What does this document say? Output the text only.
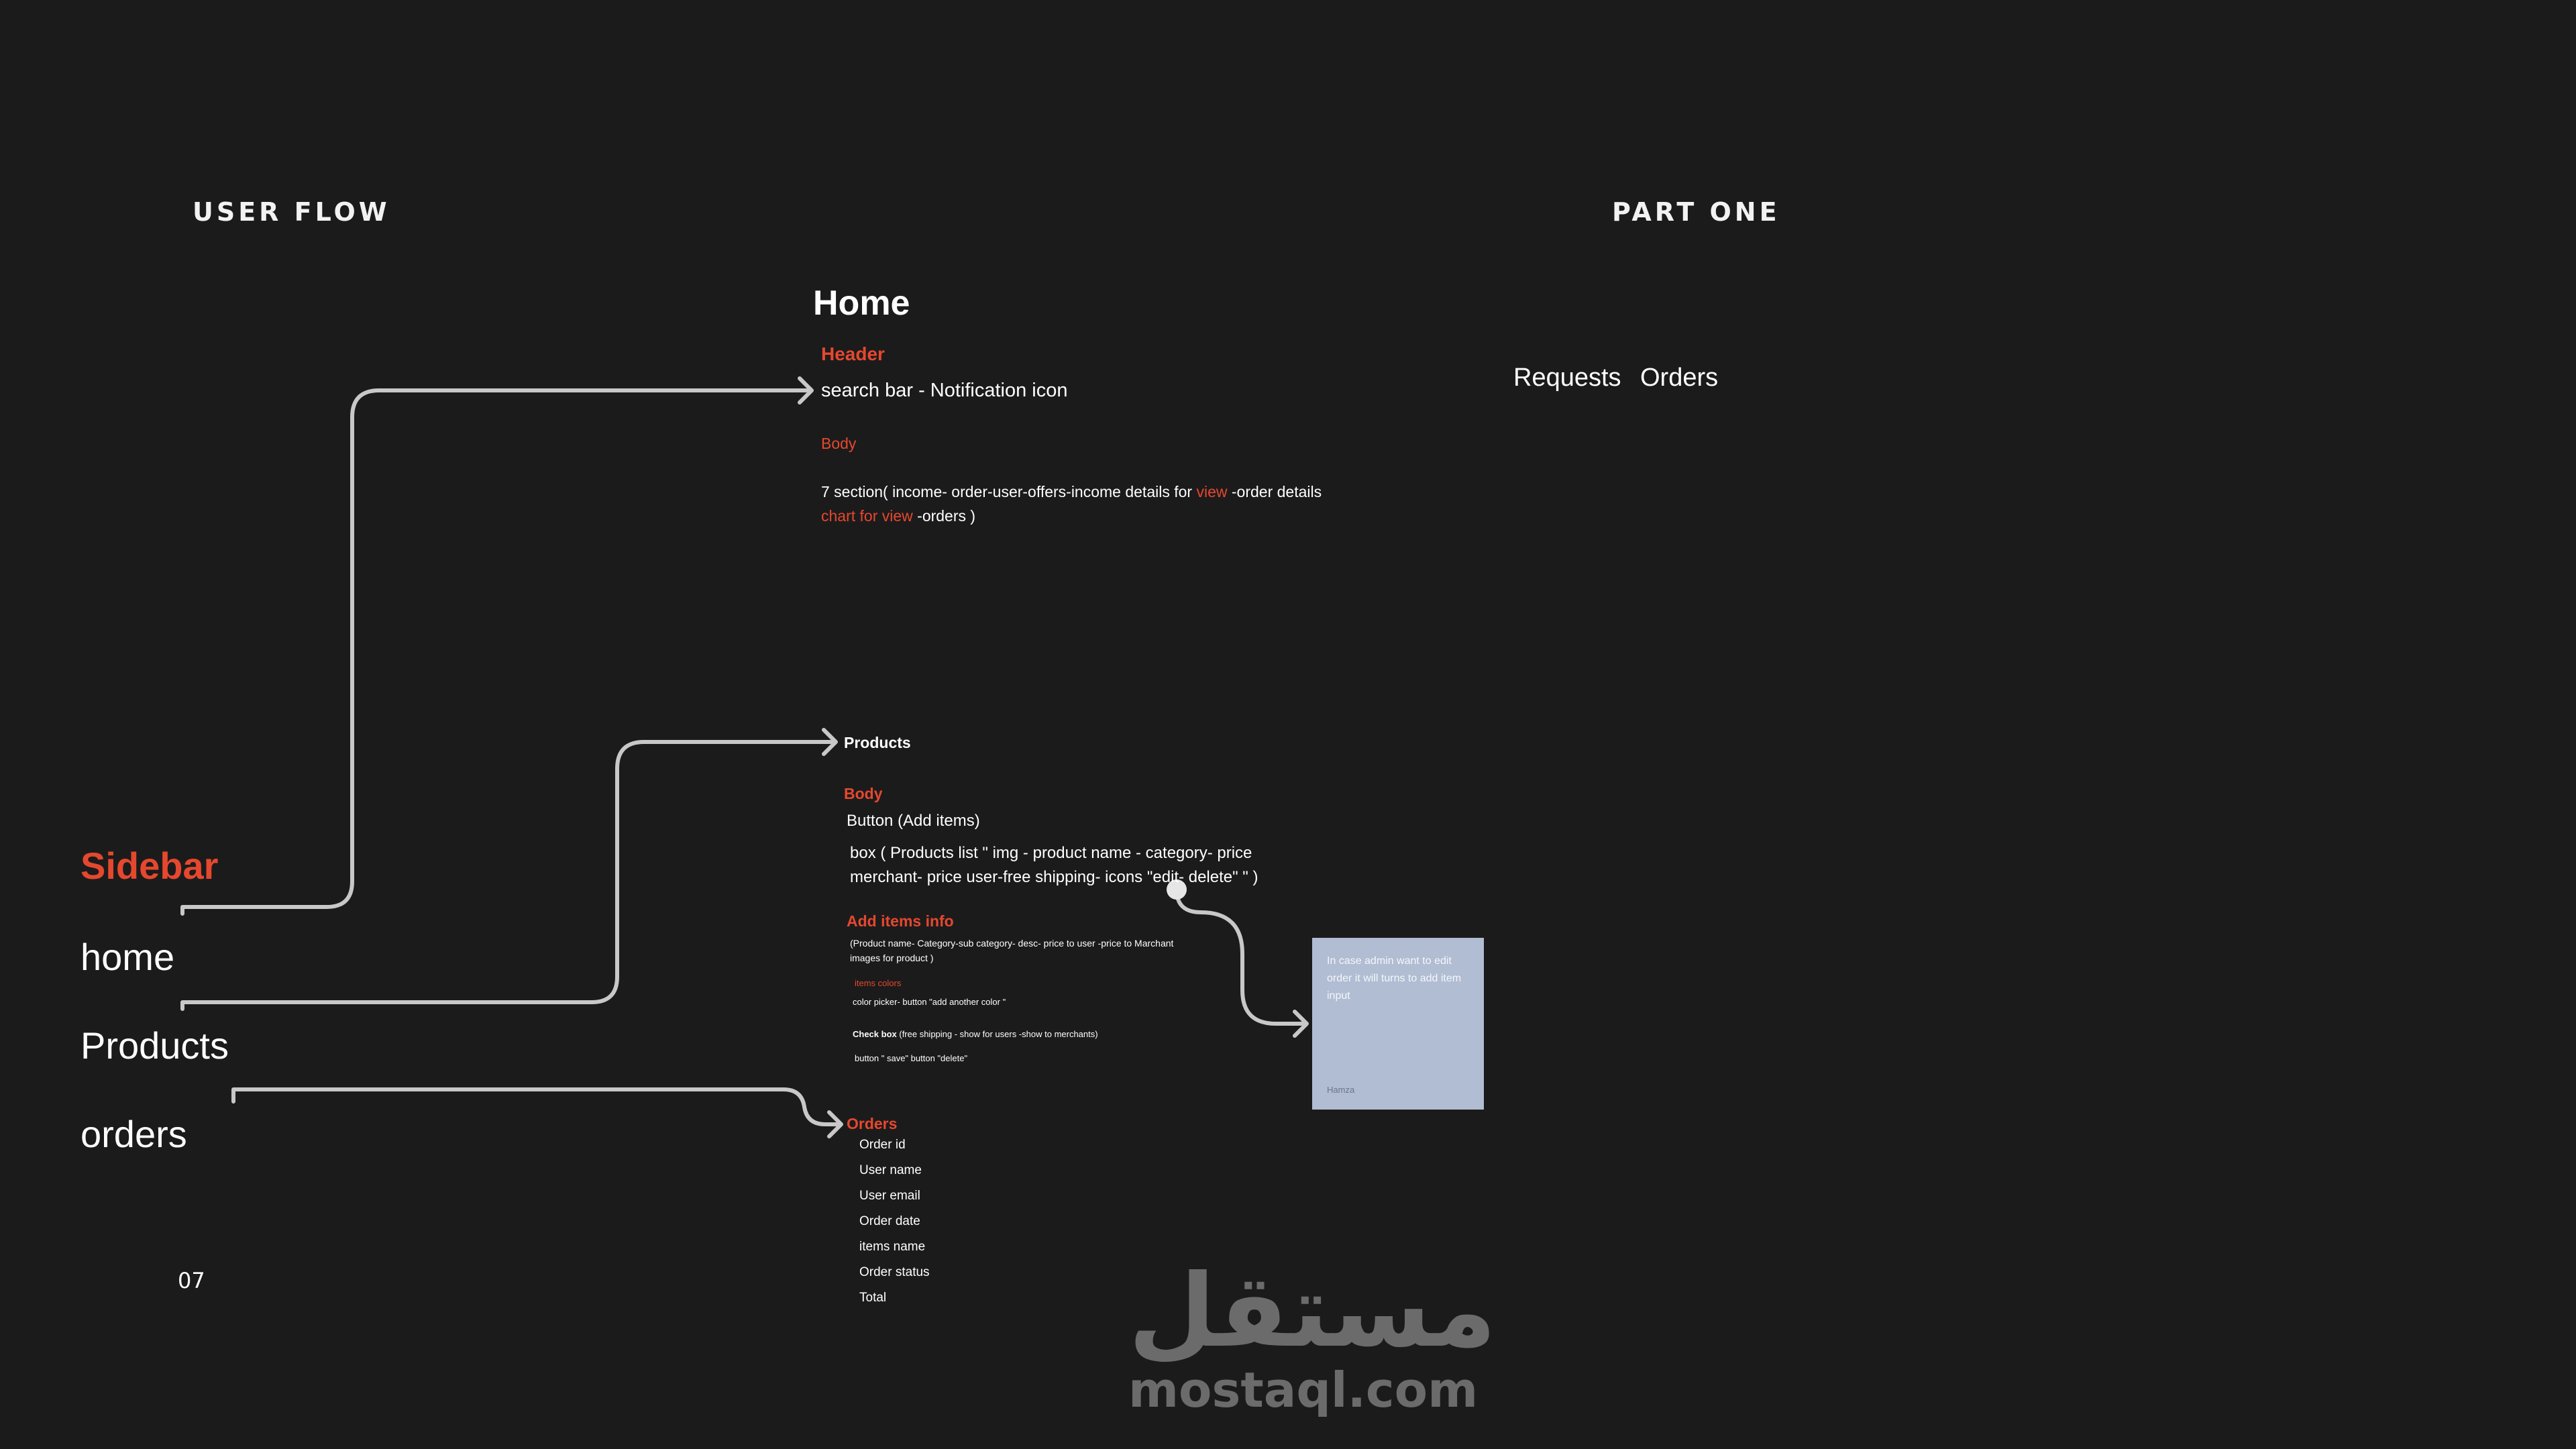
USER FLOW	PART ONE
Sidebar
home
Products
orders
07
Home
Header
search bar - Notification icon
Body
7 section( income- order-user-offers-income details for view -order details
chart for view -orders )
Requests Orders
Products
Body
Button (Add items)
box ( Products list " img - product name - category- price
merchant- price user-free shipping- icons "edit- delete" " )
Add items info
(Product name- Category-sub category- desc- price to user -price to Marchant
images for product )
items colors
color picker- button "add another color "
Check box (free shipping - show for users -show to merchants)
button " save" button "delete"
In case admin want to edit order it will turns to add item input
Hamza
Orders
Order id
User name
User email
Order date
items name
Order status
Total مستقل
mostaql.com
